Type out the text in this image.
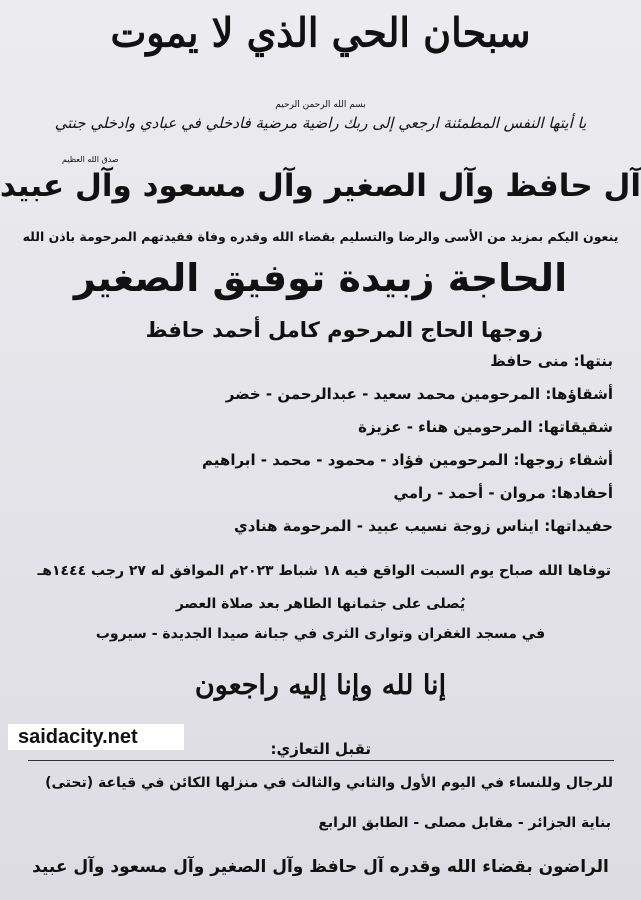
سبحان الحي الذي لا يموت
بسم الله الرحمن الرحيم
يا أيتها النفس المطمئنة ارجعي إلى ربك راضية مرضية فادخلي في عبادي وادخلي جنتي
صدق الله العظيم
آل حافظ وآل الصغير وآل مسعود وآل عبيد
ينعون اليكم بمزيد من الأسى والرضا والتسليم بقضاء الله وقدره وفاة فقيدتهم المرحومة باذن الله
الحاجة زبيدة توفيق الصغير
زوجها الحاج المرحوم كامل أحمد حافظ
بنتها: منى حافظ
أشقاؤها: المرحومين محمد سعيد - عبدالرحمن - خضر
شقيقاتها: المرحومين هناء - عزيزة
أشقاء زوجها: المرحومين فؤاد - محمود - محمد - ابراهيم
أحفادها: مروان - أحمد - رامي
حفيداتها: ايناس زوجة نسيب عبيد - المرحومة هنادي
توفاها الله صباح يوم السبت الواقع فيه ١٨ شباط ٢٠٢٣م الموافق له ٢٧ رجب ١٤٤٤هـ
يُصلى على جثمانها الطاهر بعد صلاة العصر
في مسجد الغفران وتوارى الثرى في جبانة صيدا الجديدة - سيروب
إنا لله وإنا إليه راجعون
saidacity.net
تقبل التعازي:
للرجال وللنساء في اليوم الأول والثاني والثالث في منزلها الكائن في قياعة (تحتى)
بناية الجزائر - مقابل مصلى - الطابق الرابع
الراضون بقضاء الله وقدره آل حافظ وآل الصغير وآل مسعود وآل عبيد
